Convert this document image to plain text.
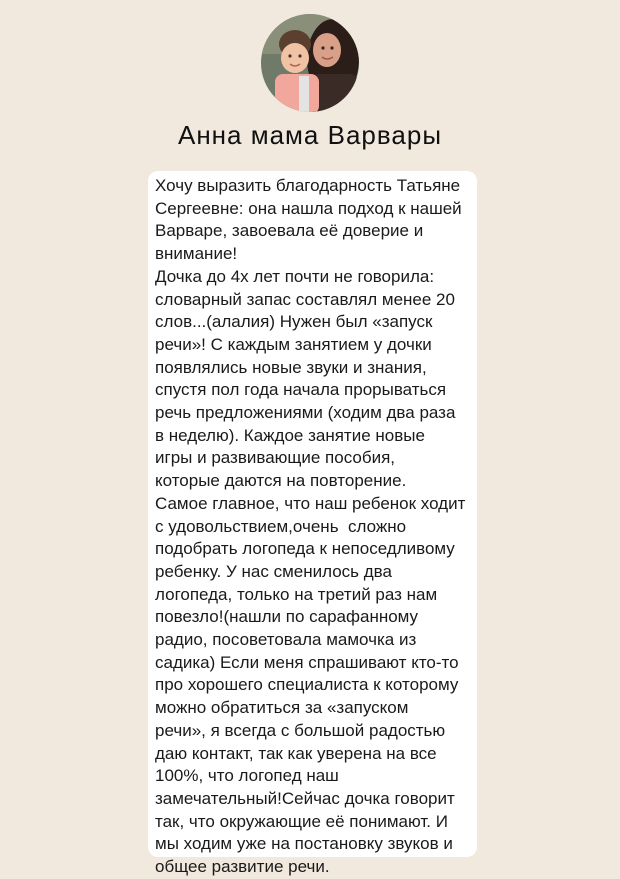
Анна мама Варвары
Хочу выразить благодарность Татьяне
Сергеевне: она нашла подход к нашей
Варваре, завоевала её доверие и
внимание!
Дочка до 4х лет почти не говорила:
словарный запас составлял менее 20
слов...(алалия) Нужен был «запуск
речи»! С каждым занятием у дочки
появлялись новые звуки и знания,
спустя пол года начала прорываться
речь предложениями (ходим два раза
в неделю). Каждое занятие новые
игры и развивающие пособия,
которые даются на повторение.
Самое главное, что наш ребенок ходит
с удовольствием,очень  сложно
подобрать логопеда к непоседливому
ребенку. У нас сменилось два
логопеда, только на третий раз нам
повезло!(нашли по сарафанному
радио, посоветовала мамочка из
садика) Если меня спрашивают кто-то
про хорошего специалиста к которому
можно обратиться за «запуском
речи», я всегда с большой радостью
даю контакт, так как уверена на все
100%, что логопед наш
замечательный!Сейчас дочка говорит
так, что окружающие её понимают. И
мы ходим уже на постановку звуков и
общее развитие речи.
